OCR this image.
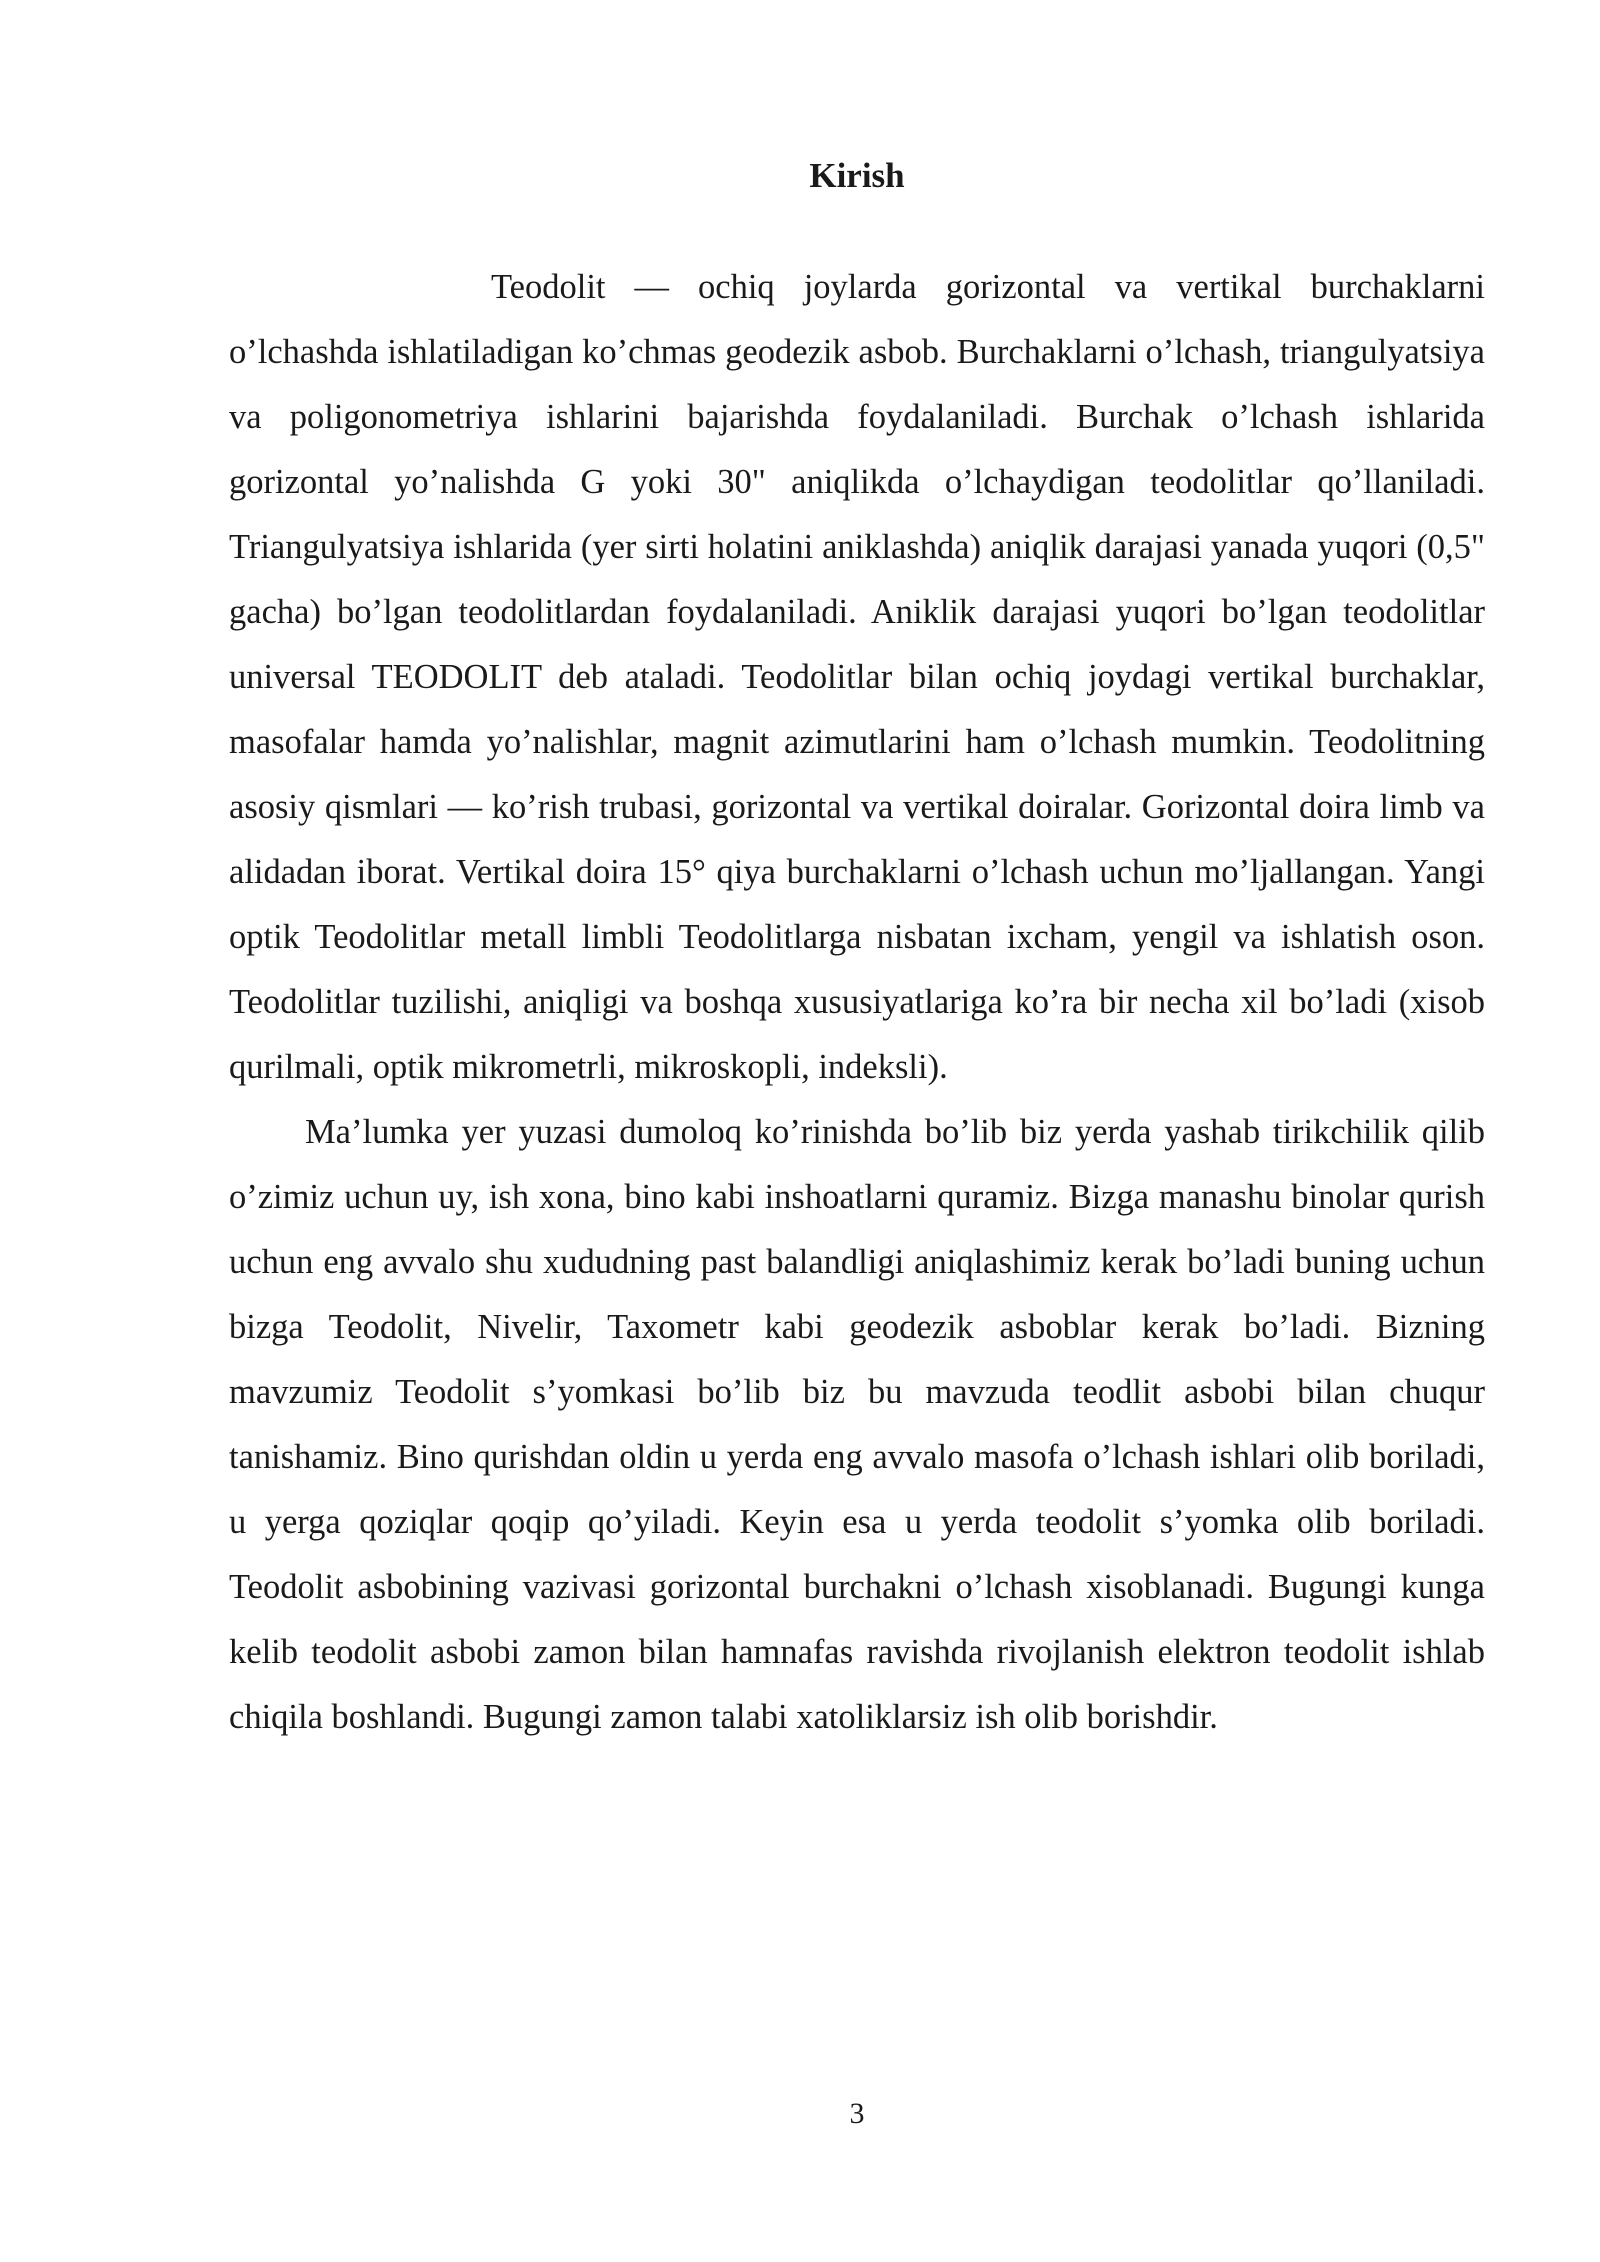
Kirish

Teodolit — ochiq joylarda gorizontal va vertikal burchaklarni o’lchashda ishlatiladigan ko’chmas geodezik asbob. Burchaklarni o’lchash, triangulyatsiya va poligonometriya ishlarini bajarishda foydalaniladi. Burchak o’lchash ishlarida gorizontal yo’nalishda G yoki 30" aniqlikda o’lchaydigan teodolitlar qo’llaniladi. Triangulyatsiya ishlarida (yer sirti holatini aniklashda) aniqlik darajasi yanada yuqori (0,5" gacha) bo’lgan teodolitlardan foydalaniladi. Aniklik darajasi yuqori bo’lgan teodolitlar universal TEODOLIT deb ataladi. Teodolitlar bilan ochiq joydagi vertikal burchaklar, masofalar hamda yo’nalishlar, magnit azimutlarini ham o’lchash mumkin. Teodolitning asosiy qismlari — ko’rish trubasi, gorizontal va vertikal doiralar. Gorizontal doira limb va alidadan iborat. Vertikal doira 15° qiya burchaklarni o’lchash uchun mo’ljallangan. Yangi optik Teodolitlar metall limbli Teodolitlarga nisbatan ixcham, yengil va ishlatish oson. Teodolitlar tuzilishi, aniqligi va boshqa xususiyatlariga ko’ra bir necha xil bo’ladi (xisob qurilmali, optik mikrometrli, mikroskopli, indeksli).

Ma’lumka yer yuzasi dumoloq ko’rinishda bo’lib biz yerda yashab tirikchilik qilib o’zimiz uchun uy, ish xona, bino kabi inshoatlarni quramiz. Bizga manashu binolar qurish uchun eng avvalo shu xududning past balandligi aniqlashimiz kerak bo’ladi buning uchun bizga Teodolit, Nivelir, Taxometr kabi geodezik asboblar kerak bo’ladi. Bizning mavzumiz Teodolit s’yomkasi bo’lib biz bu mavzuda teodlit asbobi bilan chuqur tanishamiz. Bino qurishdan oldin u yerda eng avvalo masofa o’lchash ishlari olib boriladi, u yerga qoziqlar qoqip qo’yiladi. Keyin esa u yerda teodolit s’yomka olib boriladi. Teodolit asbobining vazivasi gorizontal burchakni o’lchash xisoblanadi. Bugungi kunga kelib teodolit asbobi zamon bilan hamnafas ravishda rivojlanish elektron teodolit ishlab chiqila boshlandi. Bugungi zamon talabi xatoliklarsiz ish olib borishdir.

3
